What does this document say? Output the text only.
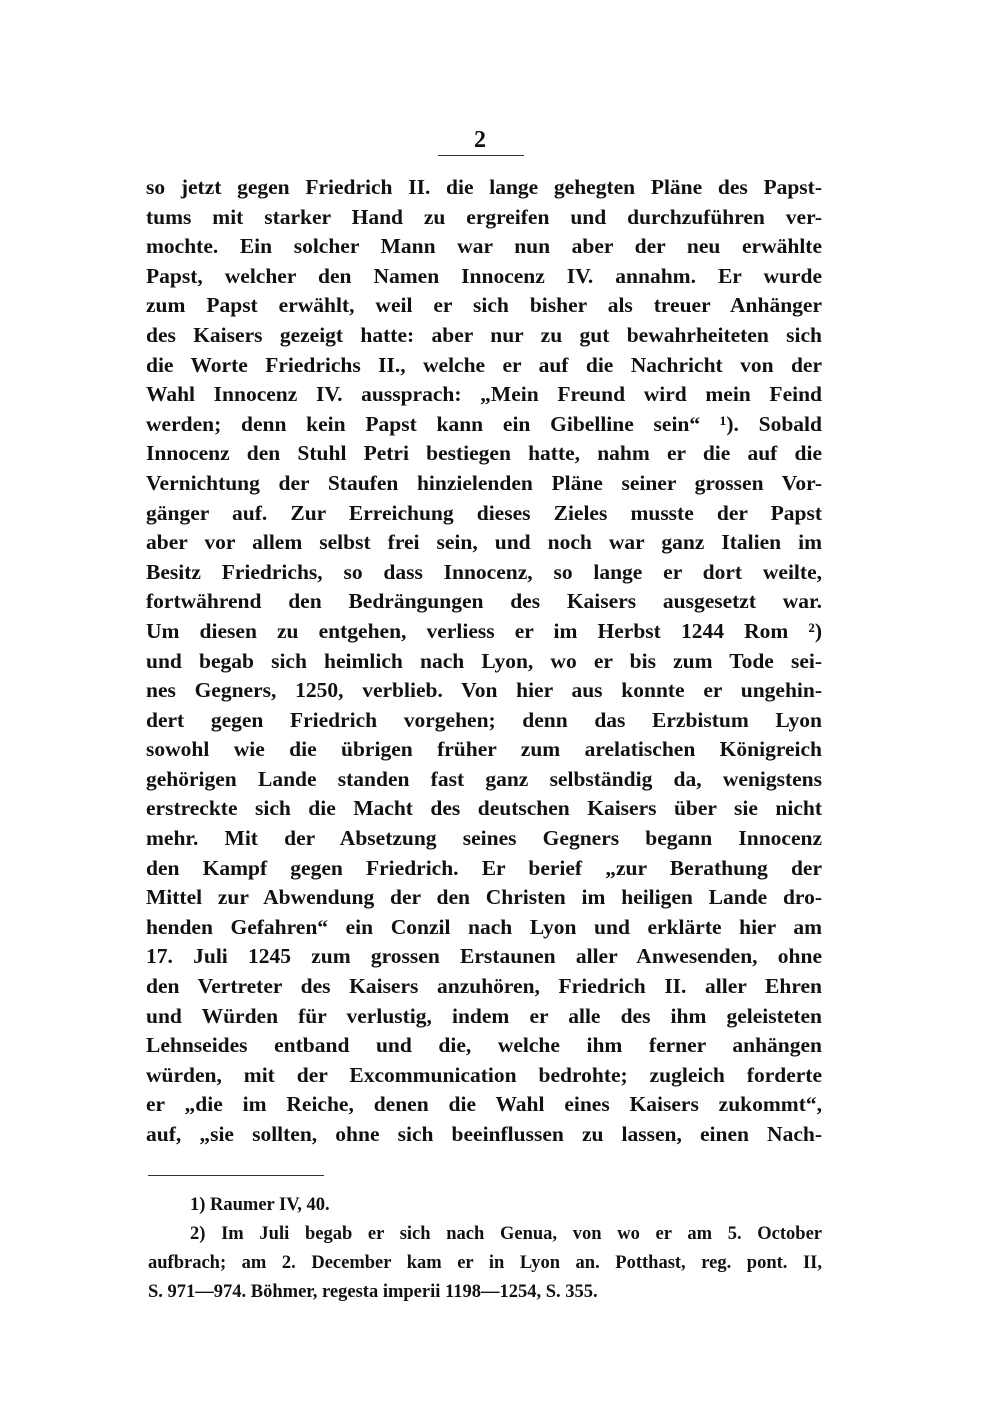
2
so jetzt gegen Friedrich II. die lange gehegten Pläne des Papst-
tums mit starker Hand zu ergreifen und durchzuführen ver-
mochte. Ein solcher Mann war nun aber der neu erwählte
Papst, welcher den Namen Innocenz IV. annahm. Er wurde
zum Papst erwählt, weil er sich bisher als treuer Anhänger
des Kaisers gezeigt hatte: aber nur zu gut bewahrheiteten sich
die Worte Friedrichs II., welche er auf die Nachricht von der
Wahl Innocenz IV. aussprach: „Mein Freund wird mein Feind
werden; denn kein Papst kann ein Gibelline sein“ ¹). Sobald
Innocenz den Stuhl Petri bestiegen hatte, nahm er die auf die
Vernichtung der Staufen hinzielenden Pläne seiner grossen Vor-
gänger auf. Zur Erreichung dieses Zieles musste der Papst
aber vor allem selbst frei sein, und noch war ganz Italien im
Besitz Friedrichs, so dass Innocenz, so lange er dort weilte,
fortwährend den Bedrängungen des Kaisers ausgesetzt war.
Um diesen zu entgehen, verliess er im Herbst 1244 Rom ²)
und begab sich heimlich nach Lyon, wo er bis zum Tode sei-
nes Gegners, 1250, verblieb. Von hier aus konnte er ungehin-
dert gegen Friedrich vorgehen; denn das Erzbistum Lyon
sowohl wie die übrigen früher zum arelatischen Königreich
gehörigen Lande standen fast ganz selbständig da, wenigstens
erstreckte sich die Macht des deutschen Kaisers über sie nicht
mehr. Mit der Absetzung seines Gegners begann Innocenz
den Kampf gegen Friedrich. Er berief „zur Berathung der
Mittel zur Abwendung der den Christen im heiligen Lande dro-
henden Gefahren“ ein Conzil nach Lyon und erklärte hier am
17. Juli 1245 zum grossen Erstaunen aller Anwesenden, ohne
den Vertreter des Kaisers anzuhören, Friedrich II. aller Ehren
und Würden für verlustig, indem er alle des ihm geleisteten
Lehnseides entband und die, welche ihm ferner anhängen
würden, mit der Excommunication bedrohte; zugleich forderte
er „die im Reiche, denen die Wahl eines Kaisers zukommt“,
auf, „sie sollten, ohne sich beeinflussen zu lassen, einen Nach-
1) Raumer IV, 40.
2) Im Juli begab er sich nach Genua, von wo er am 5. October
aufbrach; am 2. December kam er in Lyon an. Potthast, reg. pont. II,
S. 971—974. Böhmer, regesta imperii 1198—1254, S. 355.
